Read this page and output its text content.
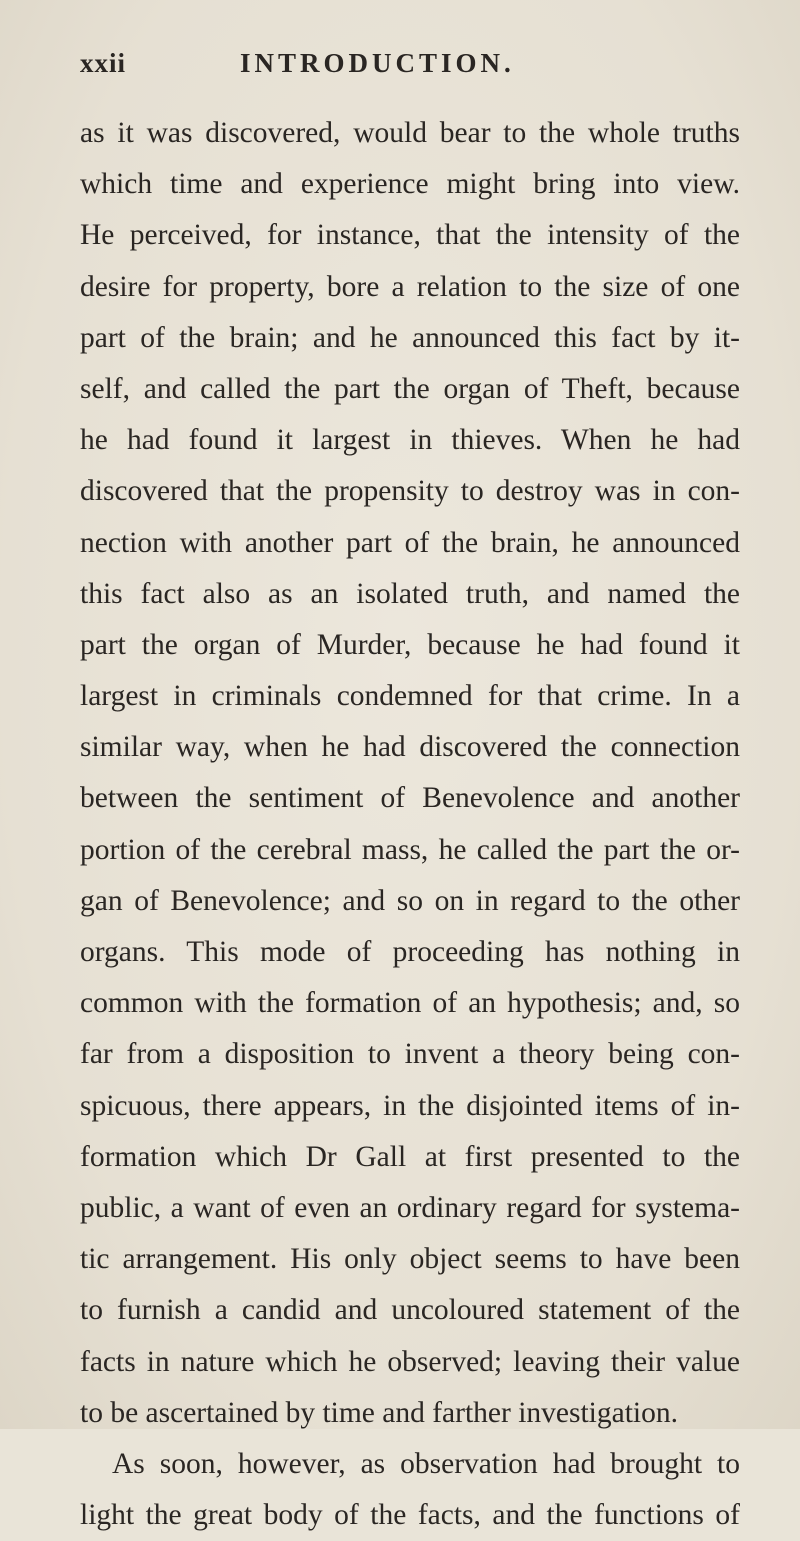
xxii	INTRODUCTION.
as it was discovered, would bear to the whole truths
which time and experience might bring into view.
He perceived, for instance, that the intensity of the
desire for property, bore a relation to the size of one
part of the brain; and he announced this fact by it-
self, and called the part the organ of Theft, because
he had found it largest in thieves. When he had
discovered that the propensity to destroy was in con-
nection with another part of the brain, he announced
this fact also as an isolated truth, and named the
part the organ of Murder, because he had found it
largest in criminals condemned for that crime. In a
similar way, when he had discovered the connection
between the sentiment of Benevolence and another
portion of the cerebral mass, he called the part the or-
gan of Benevolence; and so on in regard to the other
organs. This mode of proceeding has nothing in
common with the formation of an hypothesis; and, so
far from a disposition to invent a theory being con-
spicuous, there appears, in the disjointed items of in-
formation which Dr Gall at first presented to the
public, a want of even an ordinary regard for systema-
tic arrangement. His only object seems to have been
to furnish a candid and uncoloured statement of the
facts in nature which he observed; leaving their value
to be ascertained by time and farther investigation.
As soon, however, as observation had brought to
light the great body of the facts, and the functions of
